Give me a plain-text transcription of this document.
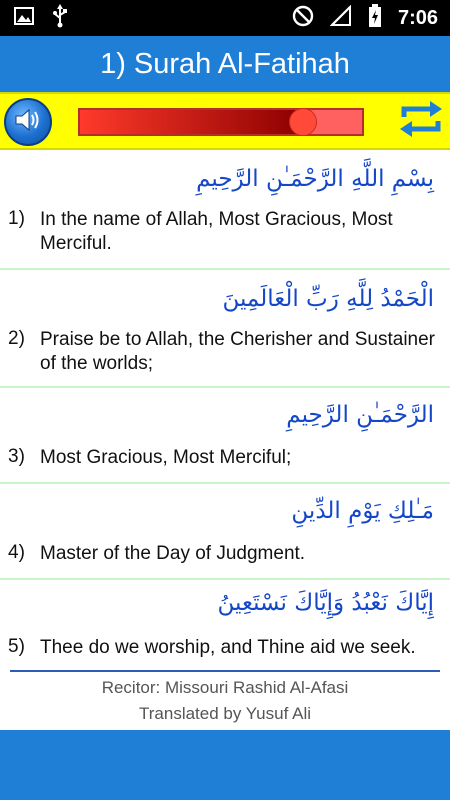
7:06
1) Surah Al-Fatihah
بِسْمِ اللَّهِ الرَّحْمَـٰنِ الرَّحِيمِ
1) In the name of Allah, Most Gracious, Most Merciful.
الْحَمْدُ لِلَّهِ رَبِّ الْعَالَمِينَ
2) Praise be to Allah, the Cherisher and Sustainer of the worlds;
الرَّحْمَـٰنِ الرَّحِيمِ
3) Most Gracious, Most Merciful;
مَـٰلِكِ يَوْمِ الدِّينِ
4) Master of the Day of Judgment.
إِيَّاكَ نَعْبُدُ وَإِيَّاكَ نَسْتَعِينُ
5) Thee do we worship, and Thine aid we seek.
Recitor: Missouri Rashid Al-Afasi
Translated by Yusuf Ali
